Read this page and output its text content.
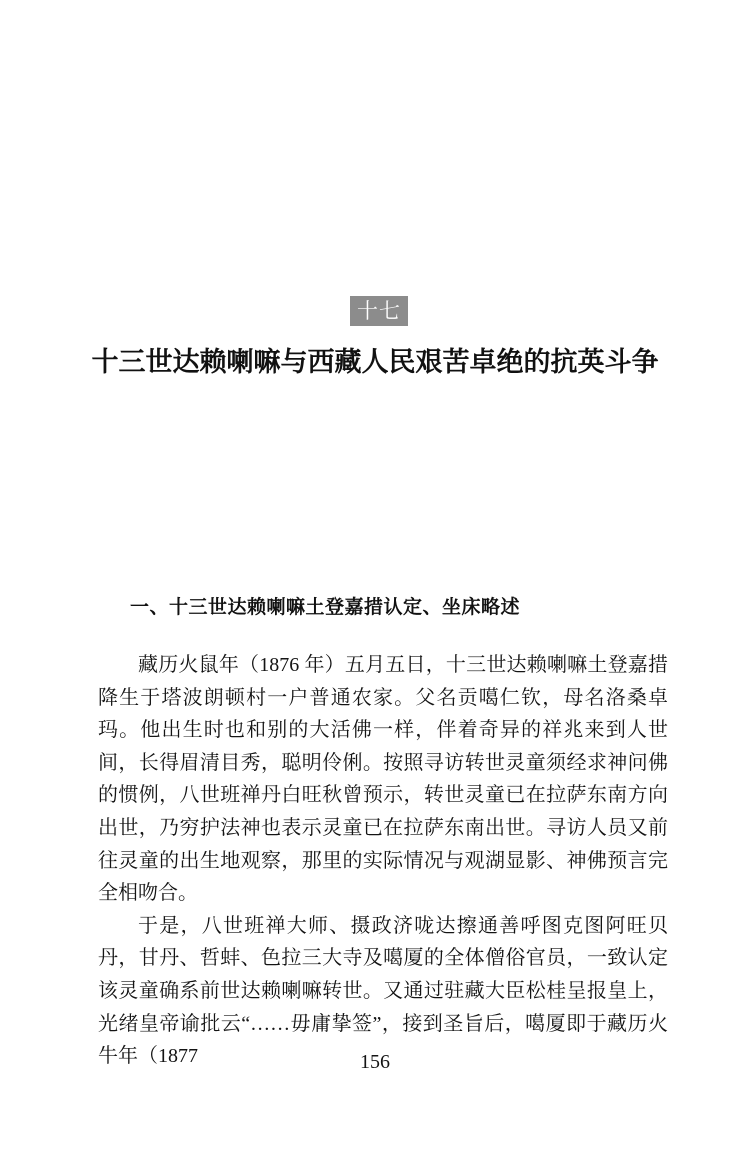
十七
十三世达赖喇嘛与西藏人民艰苦卓绝的抗英斗争
一、十三世达赖喇嘛土登嘉措认定、坐床略述

藏历火鼠年（1876 年）五月五日，十三世达赖喇嘛土登嘉措降生于塔波朗顿村一户普通农家。父名贡噶仁钦，母名洛桑卓玛。他出生时也和别的大活佛一样，伴着奇异的祥兆来到人世间，长得眉清目秀，聪明伶俐。按照寻访转世灵童须经求神问佛的惯例，八世班禅丹白旺秋曾预示，转世灵童已在拉萨东南方向出世，乃穷护法神也表示灵童已在拉萨东南出世。寻访人员又前往灵童的出生地观察，那里的实际情况与观湖显影、神佛预言完全相吻合。

于是，八世班禅大师、摄政济咙达擦通善呼图克图阿旺贝丹，甘丹、哲蚌、色拉三大寺及噶厦的全体僧俗官员，一致认定该灵童确系前世达赖喇嘛转世。又通过驻藏大臣松桂呈报皇上，光绪皇帝谕批云“……毋庸挚签”，接到圣旨后，噶厦即于藏历火牛年（1877	156
